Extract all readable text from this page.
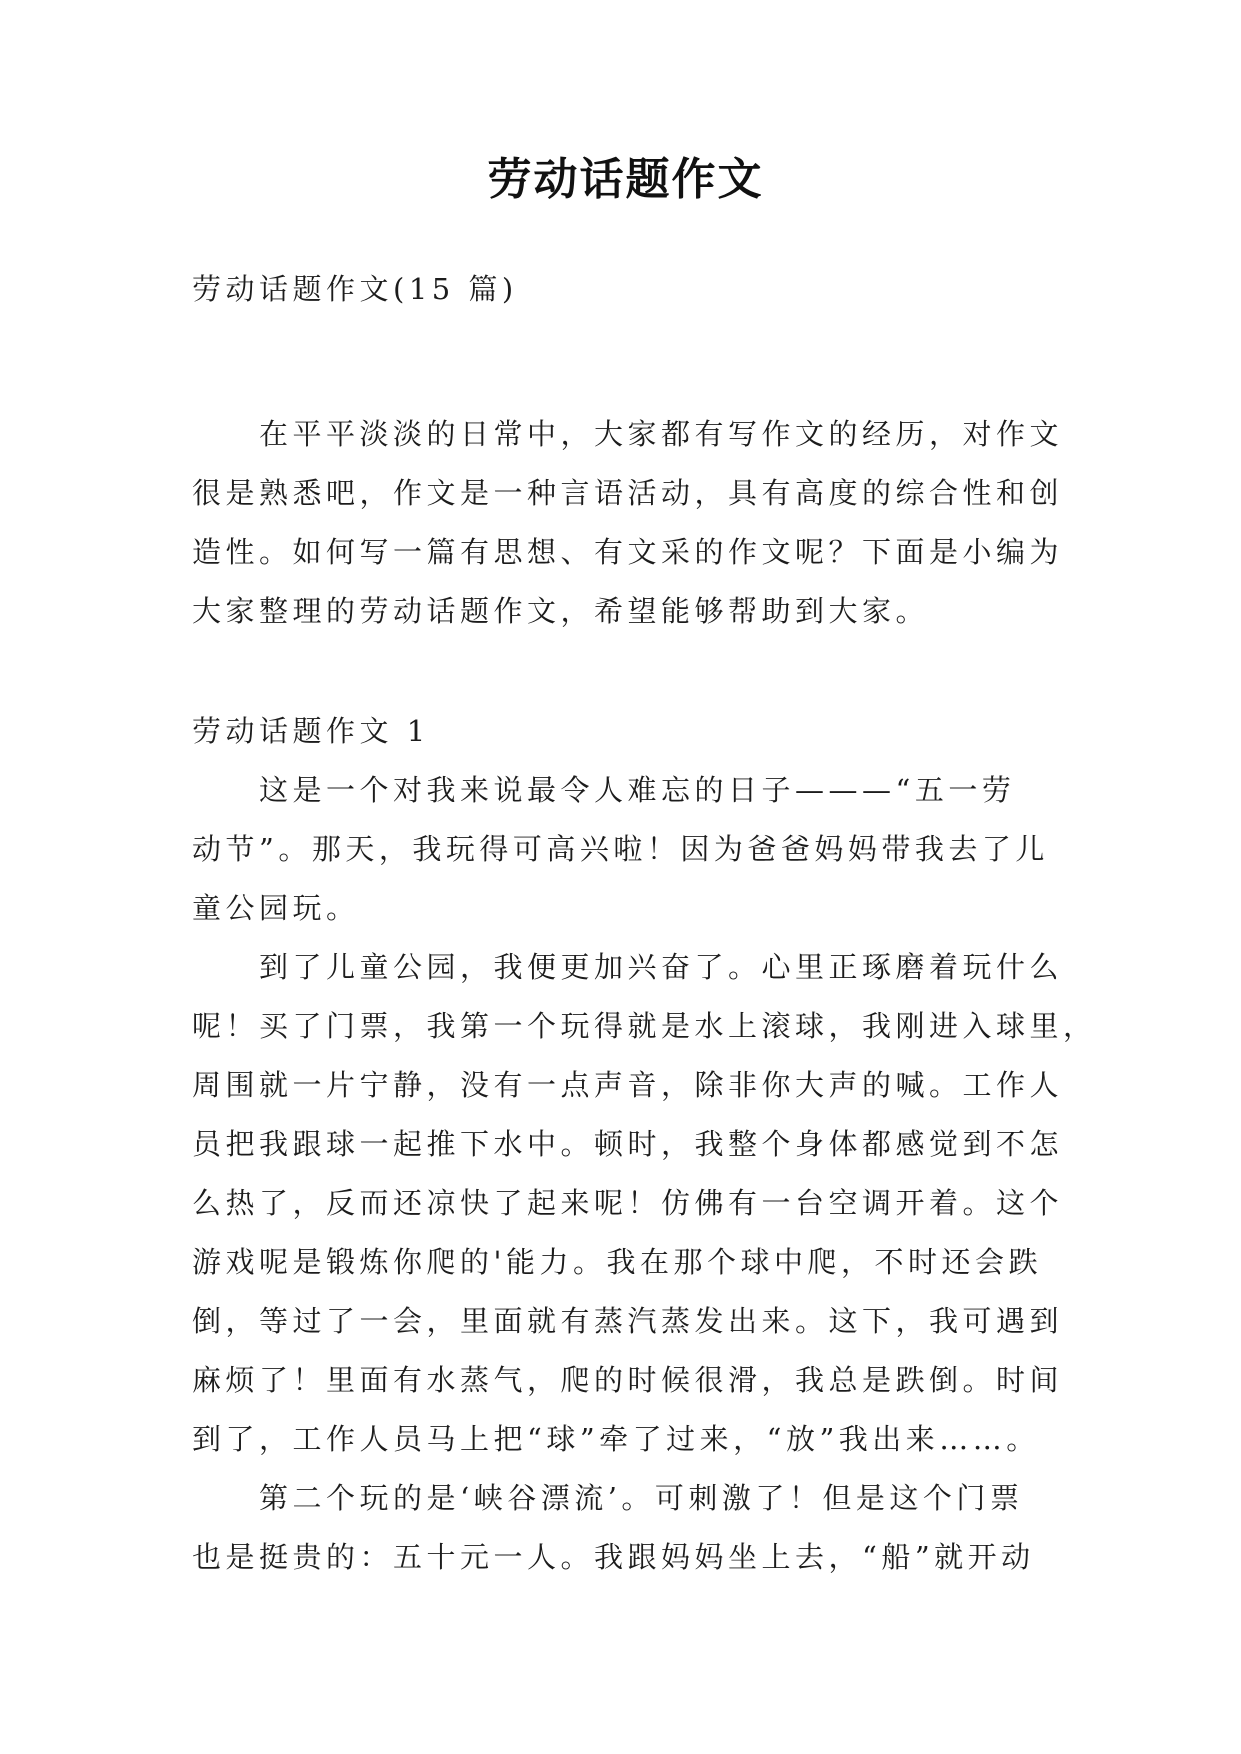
劳动话题作文
劳动话题作文(15 篇)
在平平淡淡的日常中，大家都有写作文的经历，对作文
很是熟悉吧，作文是一种言语活动，具有高度的综合性和创
造性。如何写一篇有思想、有文采的作文呢？下面是小编为
大家整理的劳动话题作文，希望能够帮助到大家。
劳动话题作文 1
这是一个对我来说最令人难忘的日子———“五一劳
动节”。那天，我玩得可高兴啦！因为爸爸妈妈带我去了儿
童公园玩。
到了儿童公园，我便更加兴奋了。心里正琢磨着玩什么
呢！买了门票，我第一个玩得就是水上滚球，我刚进入球里，
周围就一片宁静，没有一点声音，除非你大声的喊。工作人
员把我跟球一起推下水中。顿时，我整个身体都感觉到不怎
么热了，反而还凉快了起来呢！仿佛有一台空调开着。这个
游戏呢是锻炼你爬的'能力。我在那个球中爬，不时还会跌
倒，等过了一会，里面就有蒸汽蒸发出来。这下，我可遇到
麻烦了！里面有水蒸气，爬的时候很滑，我总是跌倒。时间
到了，工作人员马上把“球”牵了过来，“放”我出来……。
第二个玩的是‘峡谷漂流’。可刺激了！但是这个门票
也是挺贵的：五十元一人。我跟妈妈坐上去，“船”就开动
